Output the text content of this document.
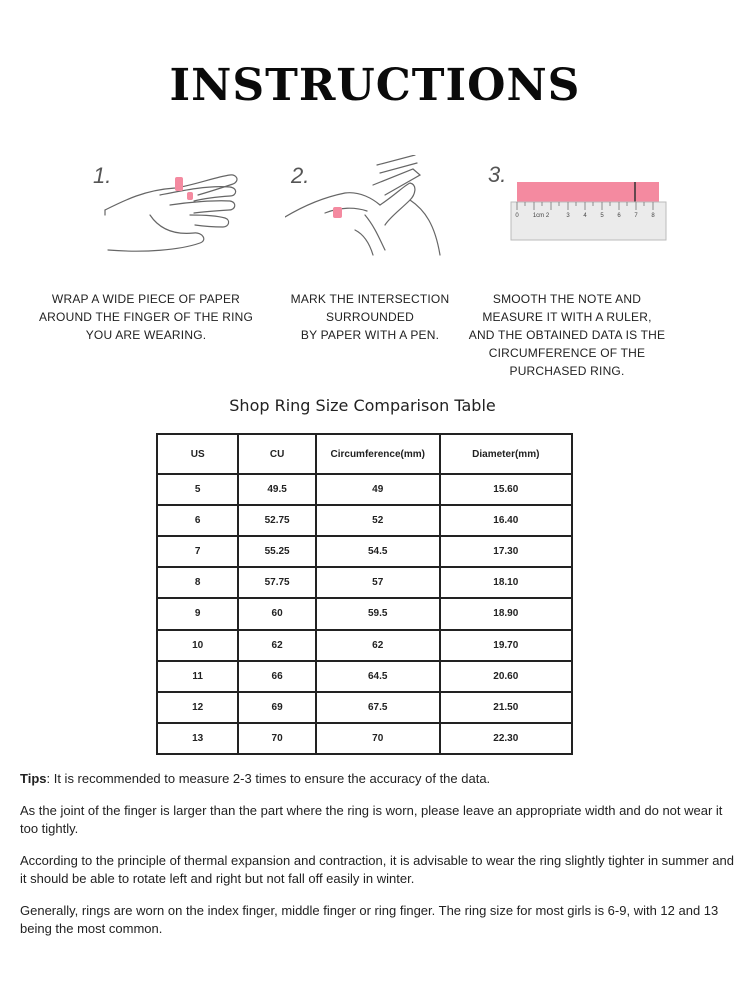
INSTRUCTIONS
1.
WRAP A WIDE PIECE OF PAPER
AROUND THE FINGER OF THE RING
YOU ARE WEARING.
2.
MARK THE INTERSECTION
SURROUNDED
BY PAPER WITH A PEN.
3.
0 1cm 2	3 4 5 6 7 8
SMOOTH THE NOTE AND
MEASURE IT WITH A RULER,
AND THE OBTAINED DATA IS THE
CIRCUMFERENCE OF THE
PURCHASED RING.
Shop Ring Size Comparison Table
US	CU	Circumference(mm)	Diameter(mm)
5	49.5	49	15.60
6	52.75	52	16.40
7	55.25	54.5	17.30
8	57.75	57	18.10
9	60	59.5	18.90
10	62	62	19.70
11	66	64.5	20.60
12	69	67.5	21.50
13	70	70	22.30

Tips: It is recommended to measure 2-3 times to ensure the accuracy of the data.

As the joint of the finger is larger than the part where the ring is worn, please leave an appropriate width and do not wear it too tightly.

According to the principle of thermal expansion and contraction, it is advisable to wear the ring slightly tighter in summer and it should be able to rotate left and right but not fall off easily in winter.

Generally, rings are worn on the index finger, middle finger or ring finger. The ring size for most girls is 6-9, with 12 and 13 being the most common.
